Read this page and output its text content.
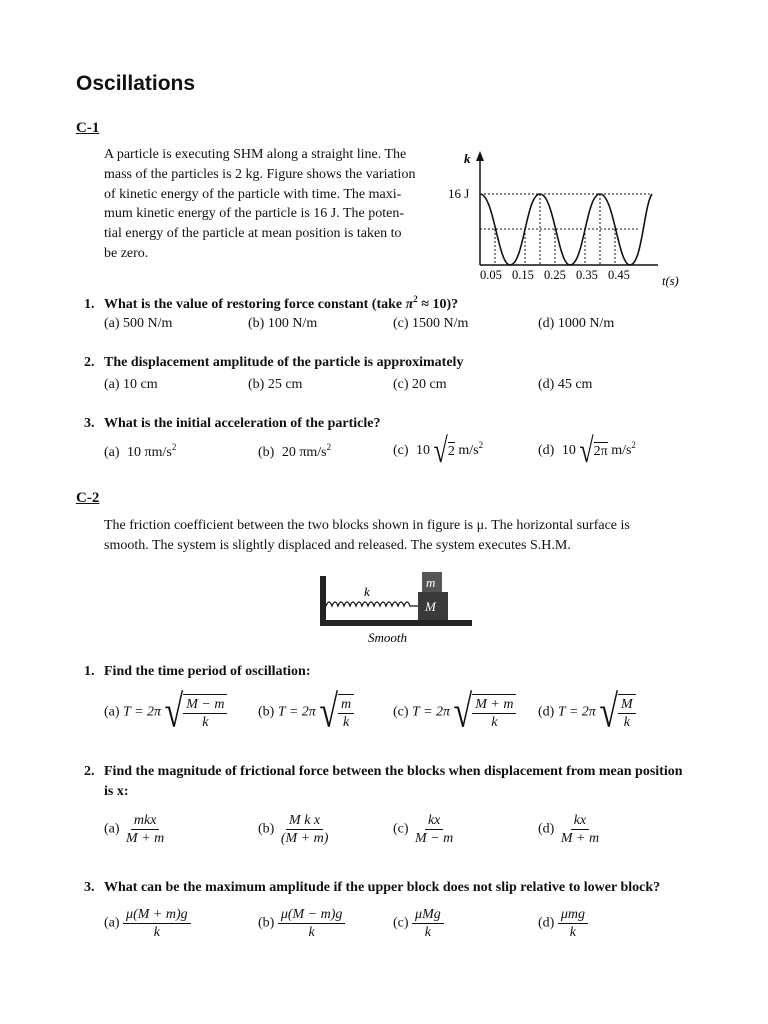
Oscillations
C-1
A particle is executing SHM along a straight line. The
mass of the particles is 2 kg. Figure shows the variation
of kinetic energy of the particle with time. The maxi-
mum kinetic energy of the particle is 16 J. The poten-
tial energy of the particle at mean position is taken to
be zero.
k
16 J
0.05 0.15 0.25 0.35 0.45	t(s)
1. What is the value of restoring force constant (take $\pi^2 \approx 10$)?
(a) 500 N/m	(b) 100 N/m	(c) 1500 N/m	(d) 1000 N/m
2. The displacement amplitude of the particle is approximately
(a) 10 cm	(b) 25 cm	(c) 20 cm	(d) 45 cm
3. What is the initial acceleration of the particle?
(a) 10 $\pi m/s^2$	(b) 20 $\pi m/s^2$	(c) 10 √ 2 $m/s^2$	(d) 10 √ 2π $m/s^2$
C-2
The friction coefficient between the two blocks shown in figure is μ. The horizontal surface is
smooth. The system is slightly displaced and released. The system executes S.H.M.
k
M
m
Smooth
1. Find the time period of oscillation:
(a) T = 2π √ $\frac{M - m}{k} (b) T = 2\pi$ √ $\frac{m}{k}$	(c) T = 2π √ $\frac{M + m}{k} (d) T = 2\pi$ √ $\frac{M}{k}$
2. Find the magnitude of frictional force between the blocks when displacement from mean position
is x:
$(a) \frac{\text{mkx}}{M + m}$	$(b) \frac{\text{M k x}}{(M + m)}$	$(c) \frac{kx}{M - m}$	$(d) \frac{kx}{M + m}$
3. What can be the maximum amplitude if the upper block does not slip relative to lower block?
$(a) \frac{\mu(M + m)g}{k}$	$(b) \frac{\mu(M - m)g}{k}$	$(c) \frac{\text{μMg}}{k}$	$(d) \frac{\text{μmg}}{k}$
